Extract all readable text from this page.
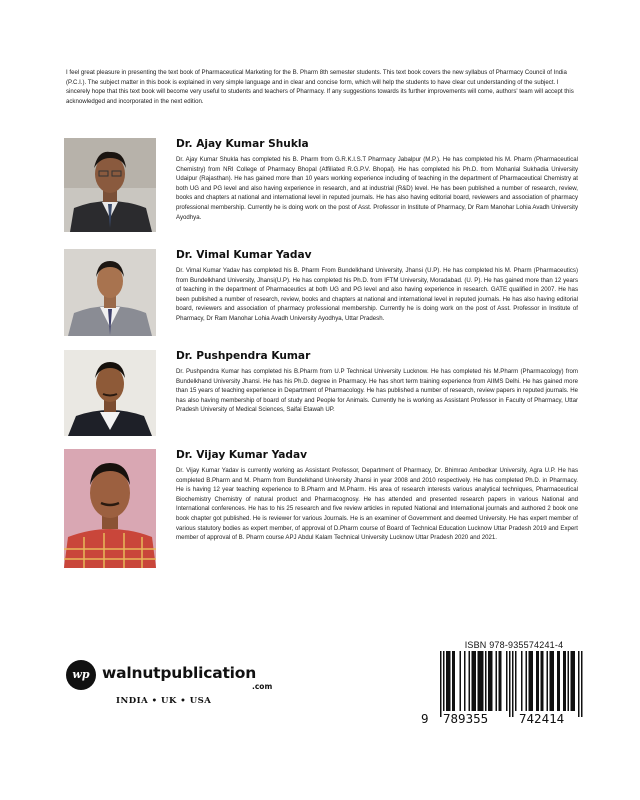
I feel great pleasure in presenting the text book of Pharmaceutical Marketing for the B. Pharm 8th semester students. This text book covers the new syllabus of Pharmacy Council of India (P.C.I.). The subject matter in this book is explained in very simple language and in clear and concise form, which will help the students to have clear cut understanding of the subject. I sincerely hope that this text book will become very useful to students and teachers of Pharmacy. If any suggestions towards its further improvements will come, authors' team will accept this acknowledged and incorporated in the next edition.

Dr. Ajay Kumar Shukla

Dr. Ajay Kumar Shukla has completed his B. Pharm from G.R.K.I.S.T Pharmacy Jabalpur (M.P.). He has completed his M. Pharm (Pharmaceutical Chemistry) from NRI College of Pharmacy Bhopal (Affiliated R.G.P.V. Bhopal). He has completed his Ph.D. from Mohanlal Sukhadia University Udaipur (Rajasthan). He has gained more than 10 years working experience including of teaching in the department of Pharmaceutical Chemistry at both UG and PG level and also having experience in research, and at industrial (R&D) level. He has been published a number of research, review, books and chapters at national and international level in reputed journals. He has also having editorial board, reviewers and association of pharmacy professional membership. Currently he is doing work on the post of Asst. Professor in Institute of Pharmacy, Dr Ram Manohar Lohia Avadh University Ayodhya.

Dr. Vimal Kumar Yadav

Dr. Vimal Kumar Yadav has completed his B. Pharm From Bundelkhand University, Jhansi (U.P). He has completed his M. Pharm (Pharmaceutics) from Bundelkhand University, Jhansi(U.P). He has completed his Ph.D. from IFTM University, Moradabad. (U. P). He has gained more than 12 years of teaching in the department of Pharmaceutics at both UG and PG level and also having experience in research. GATE qualified in 2007. He has been published a number of research, review, books and chapters at national and international level in reputed journals. He has also having editorial board, reviewers and association of pharmacy professional membership. Currently he is doing work on the post of Asst. Professor in Institute of Pharmacy, Dr Ram Manohar Lohia Avadh University Ayodhya, Uttar Pradesh.

Dr. Pushpendra Kumar

Dr. Pushpendra Kumar has completed his B.Pharm from U.P Technical University Lucknow. He has completed his M.Pharm (Pharmacology) from Bundelkhand University Jhansi. He has his Ph.D. degree in Pharmacy. He has short term training experience from AIIMS Delhi. He has gained more than 15 years of teaching experience in Department of Pharmacology. He has published a number of research, review papers in reputed journals. He has also having membership of board of study and People for Animals. Currently he is working as Assistant Professor in Faculty of Pharmacy, Uttar Pradesh University of Medical Sciences, Saifai Etawah UP.

Dr. Vijay Kumar Yadav

Dr. Vijay Kumar Yadav is currently working as Assistant Professor, Department of Pharmacy, Dr. Bhimrao Ambedkar University, Agra U.P. He has completed B.Pharm and M. Pharm from Bundelkhand University Jhansi in year 2008 and 2010 respectively. He has completed Ph.D. in Pharmacy. He is having 12 year teaching experience to B.Pharm and M.Pharm. His area of research interests various analytical techniques, Pharmaceutical Biochemistry Chemistry of natural product and Pharmacognosy. He has attended and presented research papers in various National and International conferences. He has to his 25 research and five review articles in reputed National and International journals and authored 2 book one book chapter got published. He is reviewer for various Journals. He is an examiner of Government and deemed University. He has expert member of various statutory bodies as expert member, of approval of D.Pharm course of Board of Technical Education Lucknow Uttar Pradesh 2019 and Expert member of approval of B. Pharm course APJ Abdul Kalam Technical University Lucknow Uttar Pradesh 2020 and 2021.

wp walnutpublication
.com
INDIA • UK • USA
ISBN 978-935574241-4
9 789355 742414
